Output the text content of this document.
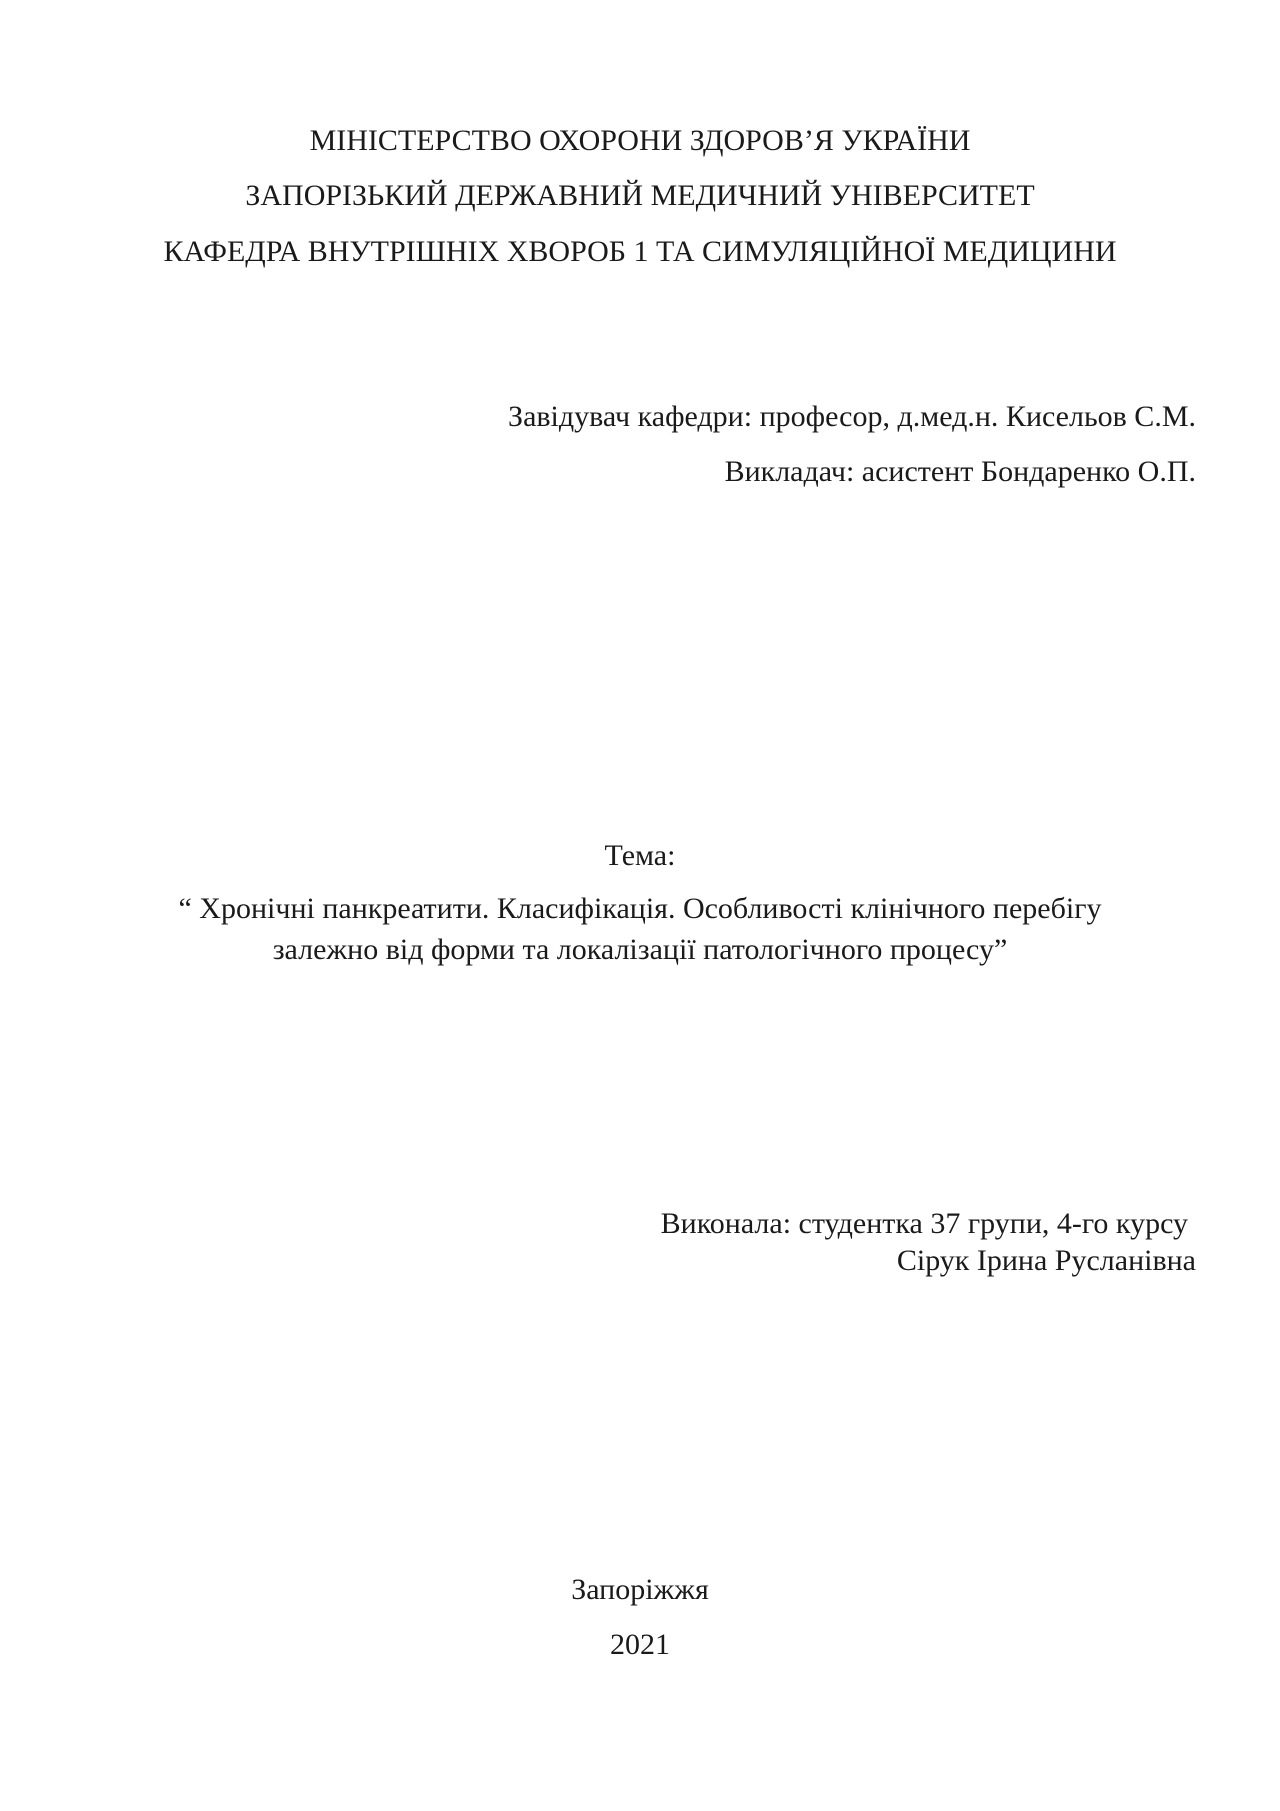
МІНІСТЕРСТВО ОХОРОНИ ЗДОРОВ’Я УКРАЇНИ
ЗАПОРІЗЬКИЙ ДЕРЖАВНИЙ МЕДИЧНИЙ УНІВЕРСИТЕТ
КАФЕДРА ВНУТРІШНІХ ХВОРОБ 1 ТА СИМУЛЯЦІЙНОЇ МЕДИЦИНИ
Завідувач кафедри: професор, д.мед.н. Кисельов С.М.
Викладач: асистент Бондаренко О.П.
Тема:
“ Хронічні панкреатити. Класифікація. Особливості клінічного перебігу
залежно від форми та локалізації патологічного процесу”
Виконала: студентка 37 групи, 4-го курсу
Сірук Ірина Русланівна
Запоріжжя
2021
